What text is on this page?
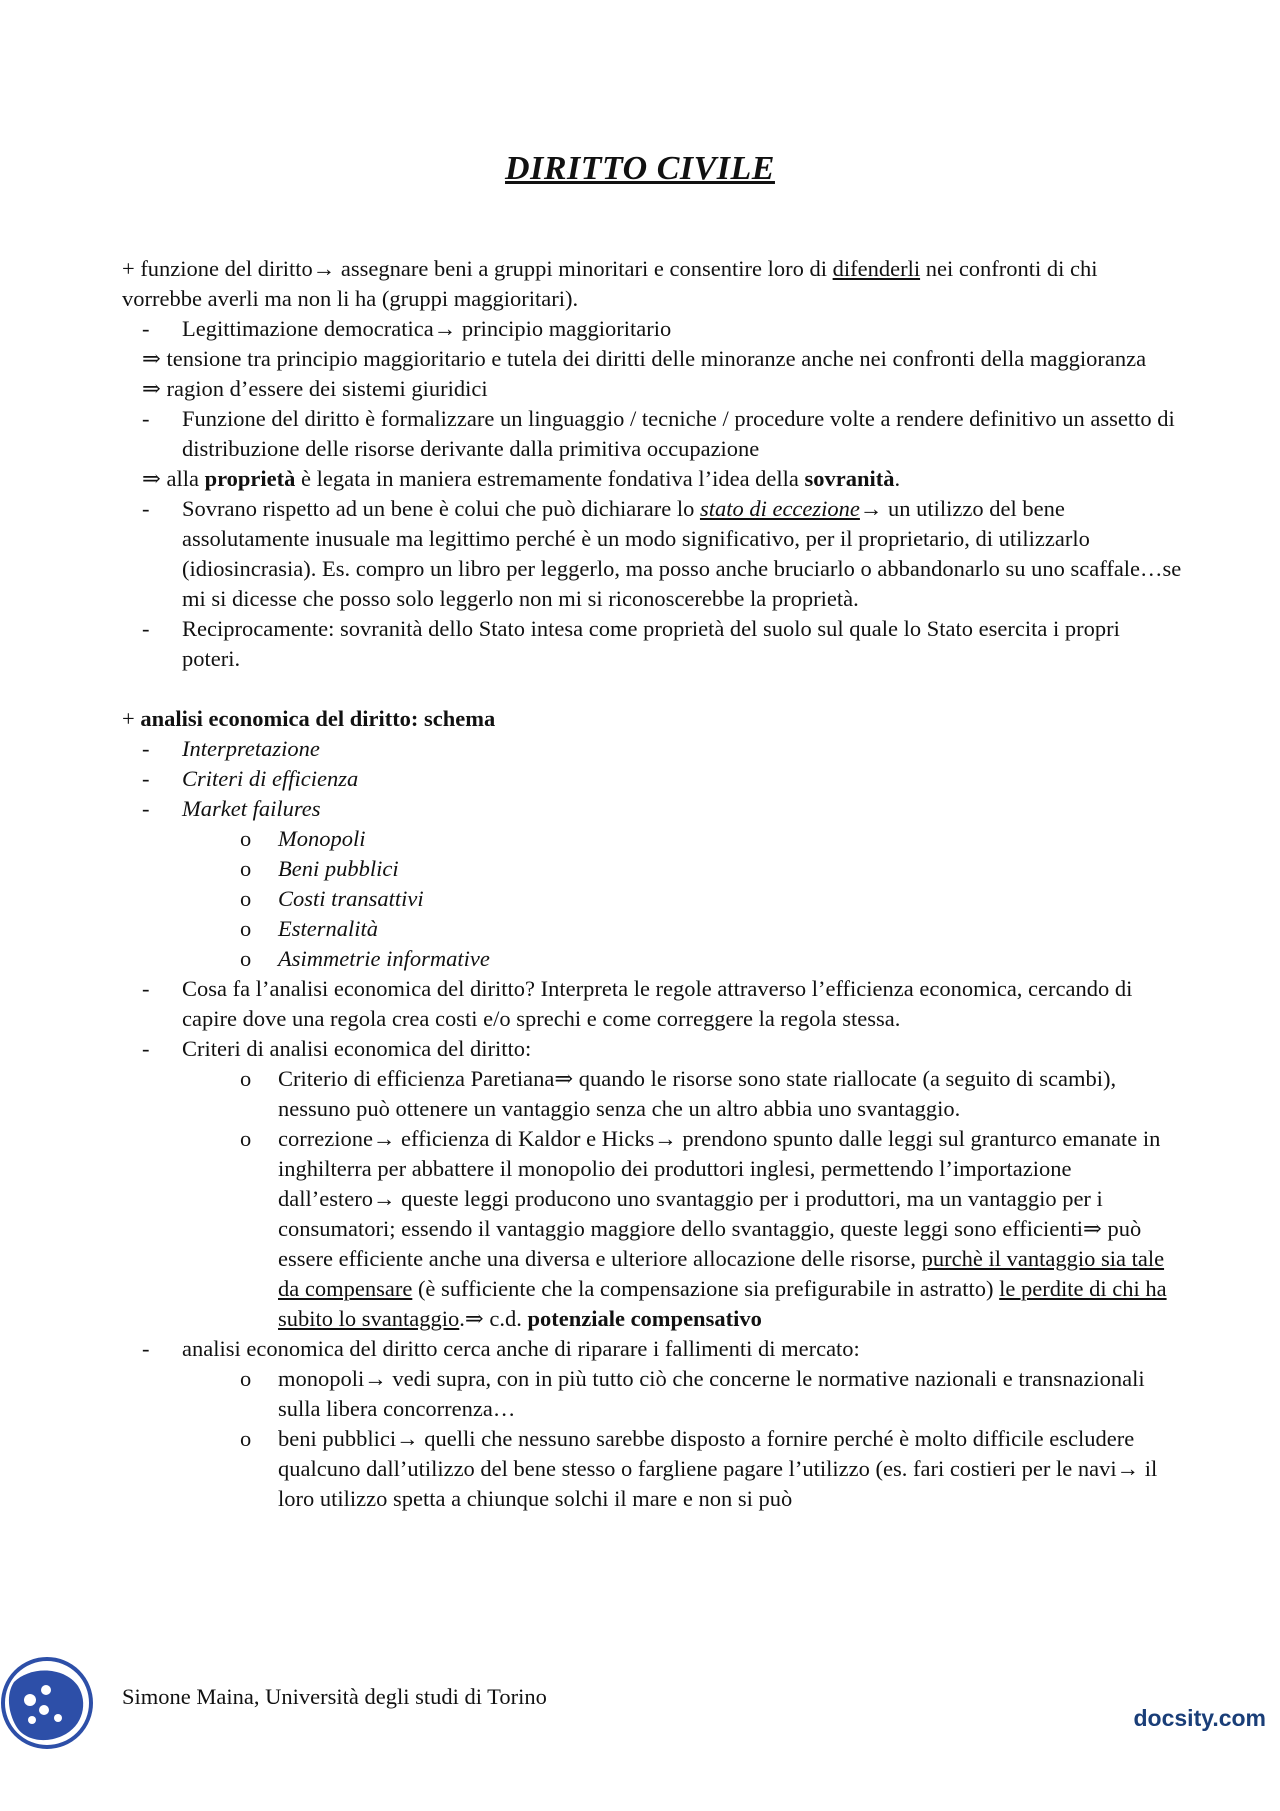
DIRITTO CIVILE

+ funzione del diritto→ assegnare beni a gruppi minoritari e consentire loro di difenderli nei confronti di chi vorrebbe averli ma non li ha (gruppi maggioritari).

- Legittimazione democratica→ principio maggioritario
⇒ tensione tra principio maggioritario e tutela dei diritti delle minoranze anche nei confronti della maggioranza
⇒ ragion d’essere dei sistemi giuridici
- Funzione del diritto è formalizzare un linguaggio / tecniche / procedure volte a rendere definitivo un assetto di distribuzione delle risorse derivante dalla primitiva occupazione
⇒ alla proprietà è legata in maniera estremamente fondativa l’idea della sovranità.
- Sovrano rispetto ad un bene è colui che può dichiarare lo stato di eccezione→ un utilizzo del bene assolutamente inusuale ma legittimo perché è un modo significativo, per il proprietario, di utilizzarlo (idiosincrasia). Es. compro un libro per leggerlo, ma posso anche bruciarlo o abbandonarlo su uno scaffale…se mi si dicesse che posso solo leggerlo non mi si riconoscerebbe la proprietà.
- Reciprocamente: sovranità dello Stato intesa come proprietà del suolo sul quale lo Stato esercita i propri poteri.

+ analisi economica del diritto: schema

- Interpretazione
- Criteri di efficienza
- Market failures
o Monopoli
o Beni pubblici
o Costi transattivi
o Esternalità
o Asimmetrie informative
- Cosa fa l’analisi economica del diritto? Interpreta le regole attraverso l’efficienza economica, cercando di capire dove una regola crea costi e/o sprechi e come correggere la regola stessa.
- Criteri di analisi economica del diritto:
o Criterio di efficienza Paretiana⇒ quando le risorse sono state riallocate (a seguito di scambi), nessuno può ottenere un vantaggio senza che un altro abbia uno svantaggio.
o correzione→ efficienza di Kaldor e Hicks→ prendono spunto dalle leggi sul granturco emanate in inghilterra per abbattere il monopolio dei produttori inglesi, permettendo l’importazione dall’estero→ queste leggi producono uno svantaggio per i produttori, ma un vantaggio per i consumatori; essendo il vantaggio maggiore dello svantaggio, queste leggi sono efficienti⇒ può essere efficiente anche una diversa e ulteriore allocazione delle risorse, purchè il vantaggio sia tale da compensare (è sufficiente che la compensazione sia prefigurabile in astratto) le perdite di chi ha subito lo svantaggio.⇒ c.d. potenziale compensativo
- analisi economica del diritto cerca anche di riparare i fallimenti di mercato:
o monopoli→ vedi supra, con in più tutto ciò che concerne le normative nazionali e transnazionali sulla libera concorrenza…
o beni pubblici→ quelli che nessuno sarebbe disposto a fornire perché è molto difficile escludere qualcuno dall’utilizzo del bene stesso o fargliene pagare l’utilizzo (es. fari costieri per le navi→ il loro utilizzo spetta a chiunque solchi il mare e non si può
Simone Maina, Università degli studi di Torino
docsity.com
